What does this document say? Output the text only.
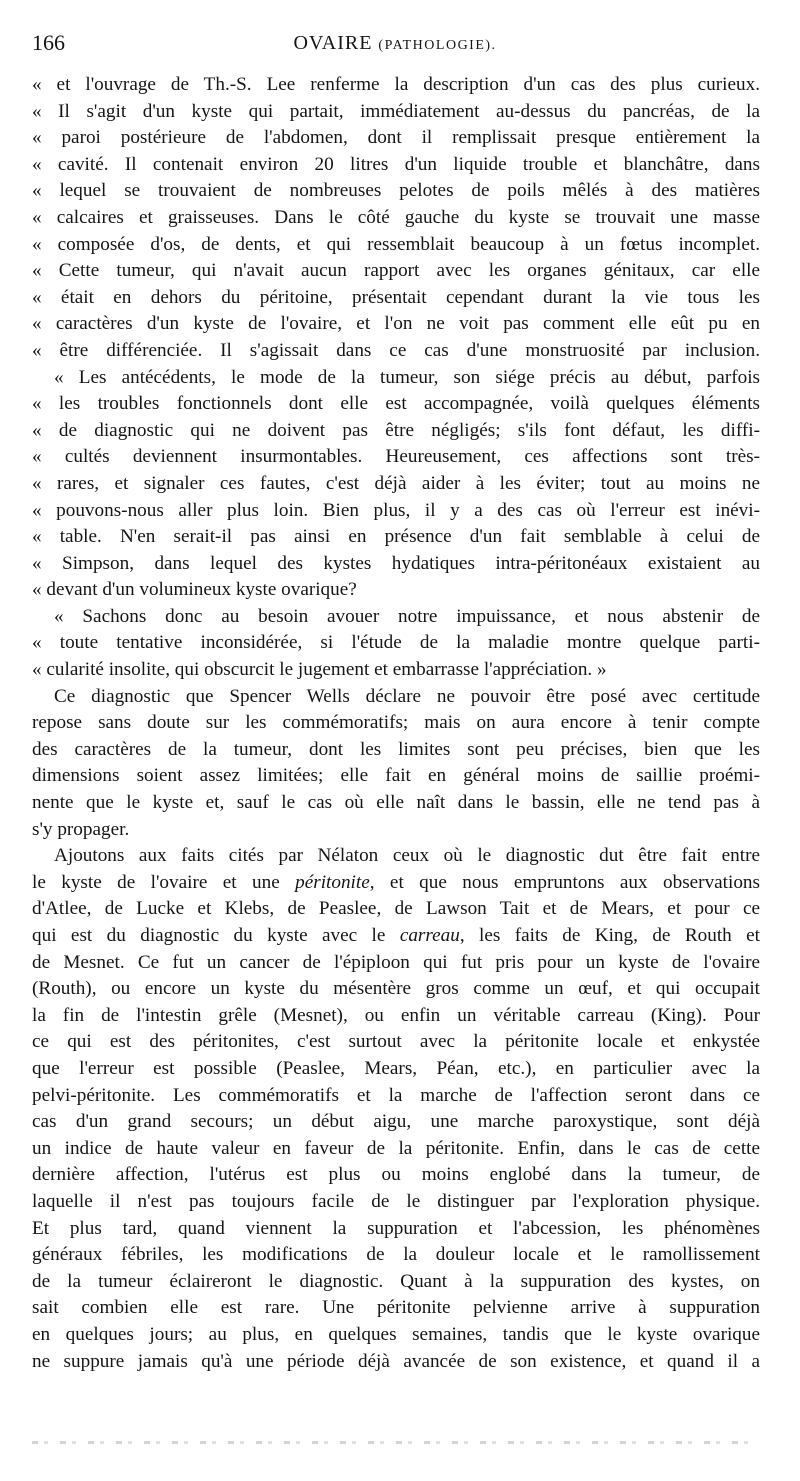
166	OVAIRE (PATHOLOGIE).
« et l'ouvrage de Th.-S. Lee renferme la description d'un cas des plus curieux.
« Il s'agit d'un kyste qui partait, immédiatement au-dessus du pancréas, de la
« paroi postérieure de l'abdomen, dont il remplissait presque entièrement la
« cavité. Il contenait environ 20 litres d'un liquide trouble et blanchâtre, dans
« lequel se trouvaient de nombreuses pelotes de poils mêlés à des matières
« calcaires et graisseuses. Dans le côté gauche du kyste se trouvait une masse
« composée d'os, de dents, et qui ressemblait beaucoup à un fœtus incomplet.
« Cette tumeur, qui n'avait aucun rapport avec les organes génitaux, car elle
« était en dehors du péritoine, présentait cependant durant la vie tous les
« caractères d'un kyste de l'ovaire, et l'on ne voit pas comment elle eût pu en
« être différenciée. Il s'agissait dans ce cas d'une monstruosité par inclusion.
« Les antécédents, le mode de la tumeur, son siége précis au début, parfois
« les troubles fonctionnels dont elle est accompagnée, voilà quelques éléments
« de diagnostic qui ne doivent pas être négligés; s'ils font défaut, les diffi-
« cultés deviennent insurmontables. Heureusement, ces affections sont très-
« rares, et signaler ces fautes, c'est déjà aider à les éviter; tout au moins ne
« pouvons-nous aller plus loin. Bien plus, il y a des cas où l'erreur est inévi-
« table. N'en serait-il pas ainsi en présence d'un fait semblable à celui de
« Simpson, dans lequel des kystes hydatiques intra-péritonéaux existaient au
« devant d'un volumineux kyste ovarique?
« Sachons donc au besoin avouer notre impuissance, et nous abstenir de
« toute tentative inconsidérée, si l'étude de la maladie montre quelque parti-
« cularité insolite, qui obscurcit le jugement et embarrasse l'appréciation. »
Ce diagnostic que Spencer Wells déclare ne pouvoir être posé avec certitude
repose sans doute sur les commémoratifs; mais on aura encore à tenir compte
des caractères de la tumeur, dont les limites sont peu précises, bien que les
dimensions soient assez limitées; elle fait en général moins de saillie proémi-
nente que le kyste et, sauf le cas où elle naît dans le bassin, elle ne tend pas à
s'y propager.
Ajoutons aux faits cités par Nélaton ceux où le diagnostic dut être fait entre
le kyste de l'ovaire et une péritonite, et que nous empruntons aux observations
d'Atlee, de Lucke et Klebs, de Peaslee, de Lawson Tait et de Mears, et pour ce
qui est du diagnostic du kyste avec le carreau, les faits de King, de Routh et
de Mesnet. Ce fut un cancer de l'épiploon qui fut pris pour un kyste de l'ovaire
(Routh), ou encore un kyste du mésentère gros comme un œuf, et qui occupait
la fin de l'intestin grêle (Mesnet), ou enfin un véritable carreau (King). Pour
ce qui est des péritonites, c'est surtout avec la péritonite locale et enkystée
que l'erreur est possible (Peaslee, Mears, Péan, etc.), en particulier avec la
pelvi-péritonite. Les commémoratifs et la marche de l'affection seront dans ce
cas d'un grand secours; un début aigu, une marche paroxystique, sont déjà
un indice de haute valeur en faveur de la péritonite. Enfin, dans le cas de cette
dernière affection, l'utérus est plus ou moins englobé dans la tumeur, de
laquelle il n'est pas toujours facile de le distinguer par l'exploration physique.
Et plus tard, quand viennent la suppuration et l'abcession, les phénomènes
généraux fébriles, les modifications de la douleur locale et le ramollissement
de la tumeur éclaireront le diagnostic. Quant à la suppuration des kystes, on
sait combien elle est rare. Une péritonite pelvienne arrive à suppuration
en quelques jours; au plus, en quelques semaines, tandis que le kyste ovarique
ne suppure jamais qu'à une période déjà avancée de son existence, et quand il a
